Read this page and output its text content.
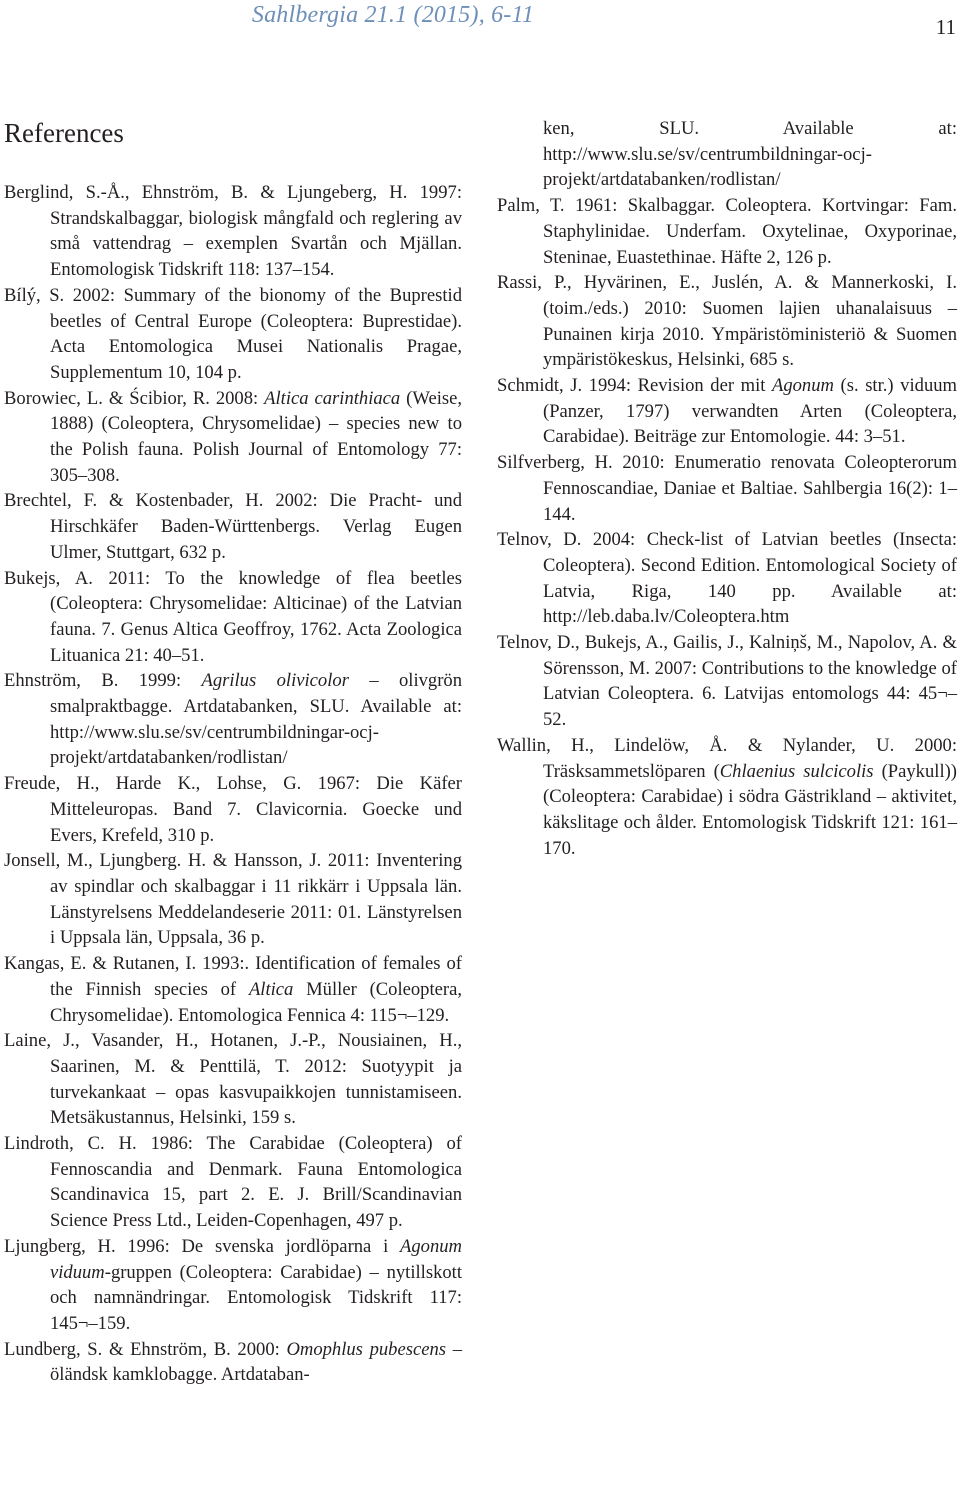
Sahlbergia 21.1 (2015), 6-11	11
References

Berglind, S.-Å., Ehnström, B. & Ljungeberg, H. 1997: Strandskalbaggar, biologisk mångfald och reglering av små vattendrag – exemplen Svartån och Mjällan. Entomologisk Tidskrift 118: 137–154.

Bílý, S. 2002: Summary of the bionomy of the Buprestid beetles of Central Europe (Coleoptera: Buprestidae). Acta Entomologica Musei Nationalis Pragae, Supplementum 10, 104 p.

Borowiec, L. & Ścibior, R. 2008: Altica carinthiaca (Weise, 1888) (Coleoptera, Chrysomelidae) – species new to the Polish fauna. Polish Journal of Entomology 77: 305–308.

Brechtel, F. & Kostenbader, H. 2002: Die Pracht- und Hirschkäfer Baden-Württenbergs. Verlag Eugen Ulmer, Stuttgart, 632 p.

Bukejs, A. 2011: To the knowledge of flea beetles (Coleoptera: Chrysomelidae: Alticinae) of the Latvian fauna. 7. Genus Altica Geoffroy, 1762. Acta Zoologica Lituanica 21: 40–51.

Ehnström, B. 1999: Agrilus olivicolor – olivgrön smalpraktbagge. Artdatabanken, SLU. Available at: http://www.slu.se/sv/centrumbildningar-ocj-projekt/artdatabanken/rodlistan/

Freude, H., Harde K., Lohse, G. 1967: Die Käfer Mitteleuropas. Band 7. Clavicornia. Goecke und Evers, Krefeld, 310 p.

Jonsell, M., Ljungberg. H. & Hansson, J. 2011: Inventering av spindlar och skalbaggar i 11 rikkärr i Uppsala län. Länstyrelsens Meddelandeserie 2011: 01. Länstyrelsen i Uppsala län, Uppsala, 36 p.

Kangas, E. & Rutanen, I. 1993:. Identification of females of the Finnish species of Altica Müller (Coleoptera, Chrysomelidae). Entomologica Fennica 4: 115¬–129.

Laine, J., Vasander, H., Hotanen, J.-P., Nousiainen, H., Saarinen, M. & Penttilä, T. 2012: Suotyypit ja turvekankaat – opas kasvupaikkojen tunnistamiseen. Metsäkustannus, Helsinki, 159 s.

Lindroth, C. H. 1986: The Carabidae (Coleoptera) of Fennoscandia and Denmark. Fauna Entomologica Scandinavica 15, part 2. E. J. Brill/Scandinavian Science Press Ltd., Leiden-Copenhagen, 497 p.

Ljungberg, H. 1996: De svenska jordlöparna i Agonum viduum-gruppen (Coleoptera: Carabidae) – nytillskott och namnändringar. Entomologisk Tidskrift 117: 145¬–159.

Lundberg, S. & Ehnström, B. 2000: Omophlus pubescens – öländsk kamklobagge. Artdataban-

ken, SLU. Available at: http://www.slu.se/sv/centrumbildningar-ocj-projekt/artdatabanken/rodlistan/

Palm, T. 1961: Skalbaggar. Coleoptera. Kortvingar: Fam. Staphylinidae. Underfam. Oxytelinae, Oxyporinae, Steninae, Euastethinae. Häfte 2, 126 p.

Rassi, P., Hyvärinen, E., Juslén, A. & Mannerkoski, I. (toim./eds.) 2010: Suomen lajien uhanalaisuus – Punainen kirja 2010. Ympäristöministeriö & Suomen ympäristökeskus, Helsinki, 685 s.

Schmidt, J. 1994: Revision der mit Agonum (s. str.) viduum (Panzer, 1797) verwandten Arten (Coleoptera, Carabidae). Beiträge zur Entomologie. 44: 3–51.

Silfverberg, H. 2010: Enumeratio renovata Coleopterorum Fennoscandiae, Daniae et Baltiae. Sahlbergia 16(2): 1–144.

Telnov, D. 2004: Check-list of Latvian beetles (Insecta: Coleoptera). Second Edition. Entomological Society of Latvia, Riga, 140 pp. Available at: http://leb.daba.lv/Coleoptera.htm

Telnov, D., Bukejs, A., Gailis, J., Kalniņš, M., Napolov, A. & Sörensson, M. 2007: Contributions to the knowledge of Latvian Coleoptera. 6. Latvijas entomologs 44: 45¬–52.

Wallin, H., Lindelöw, Å. & Nylander, U. 2000: Träsksammetslöparen (Chlaenius sulcicolis (Paykull)) (Coleoptera: Carabidae) i södra Gästrikland – aktivitet, käkslitage och ålder. Entomologisk Tidskrift 121: 161–170.
